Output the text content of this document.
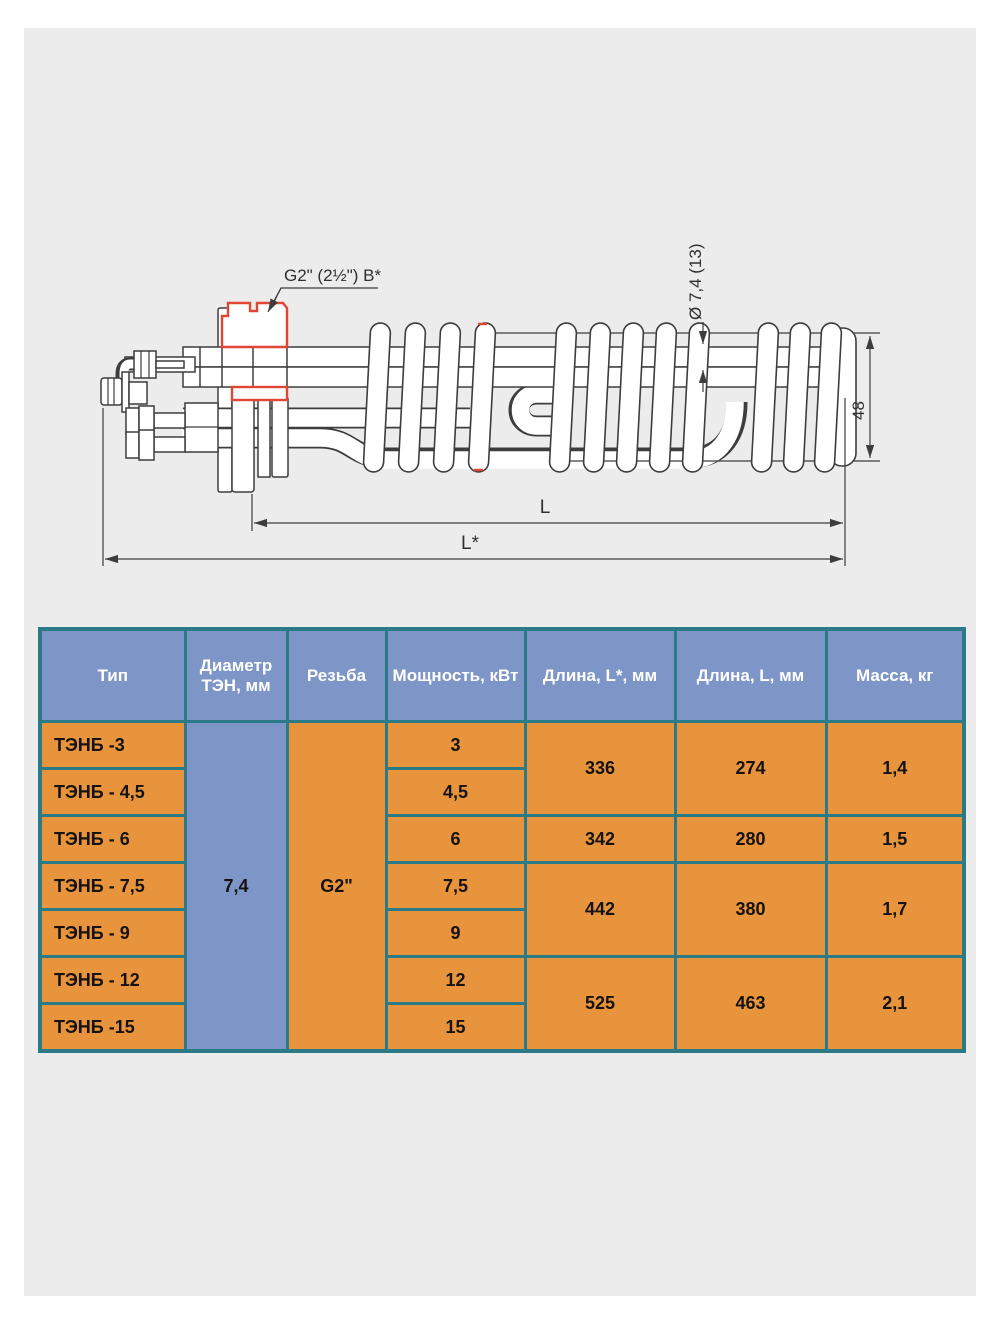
G2" (2½") B*	Ø 7,4 (13)
48
L
L*
Тип	Диаметр ТЭН, мм	Резьба	Мощность, кВт	Длина, L*, мм	Длина, L, мм	Масса, кг
ТЭНБ -3	7,4	G2"	3	336	274	1,4
ТЭНБ - 4,5			4,5			
ТЭНБ - 6			6	342	280	1,5
ТЭНБ - 7,5			7,5	442	380	1,7
ТЭНБ - 9			9			
ТЭНБ - 12			12	525	463	2,1
ТЭНБ -15			15			
